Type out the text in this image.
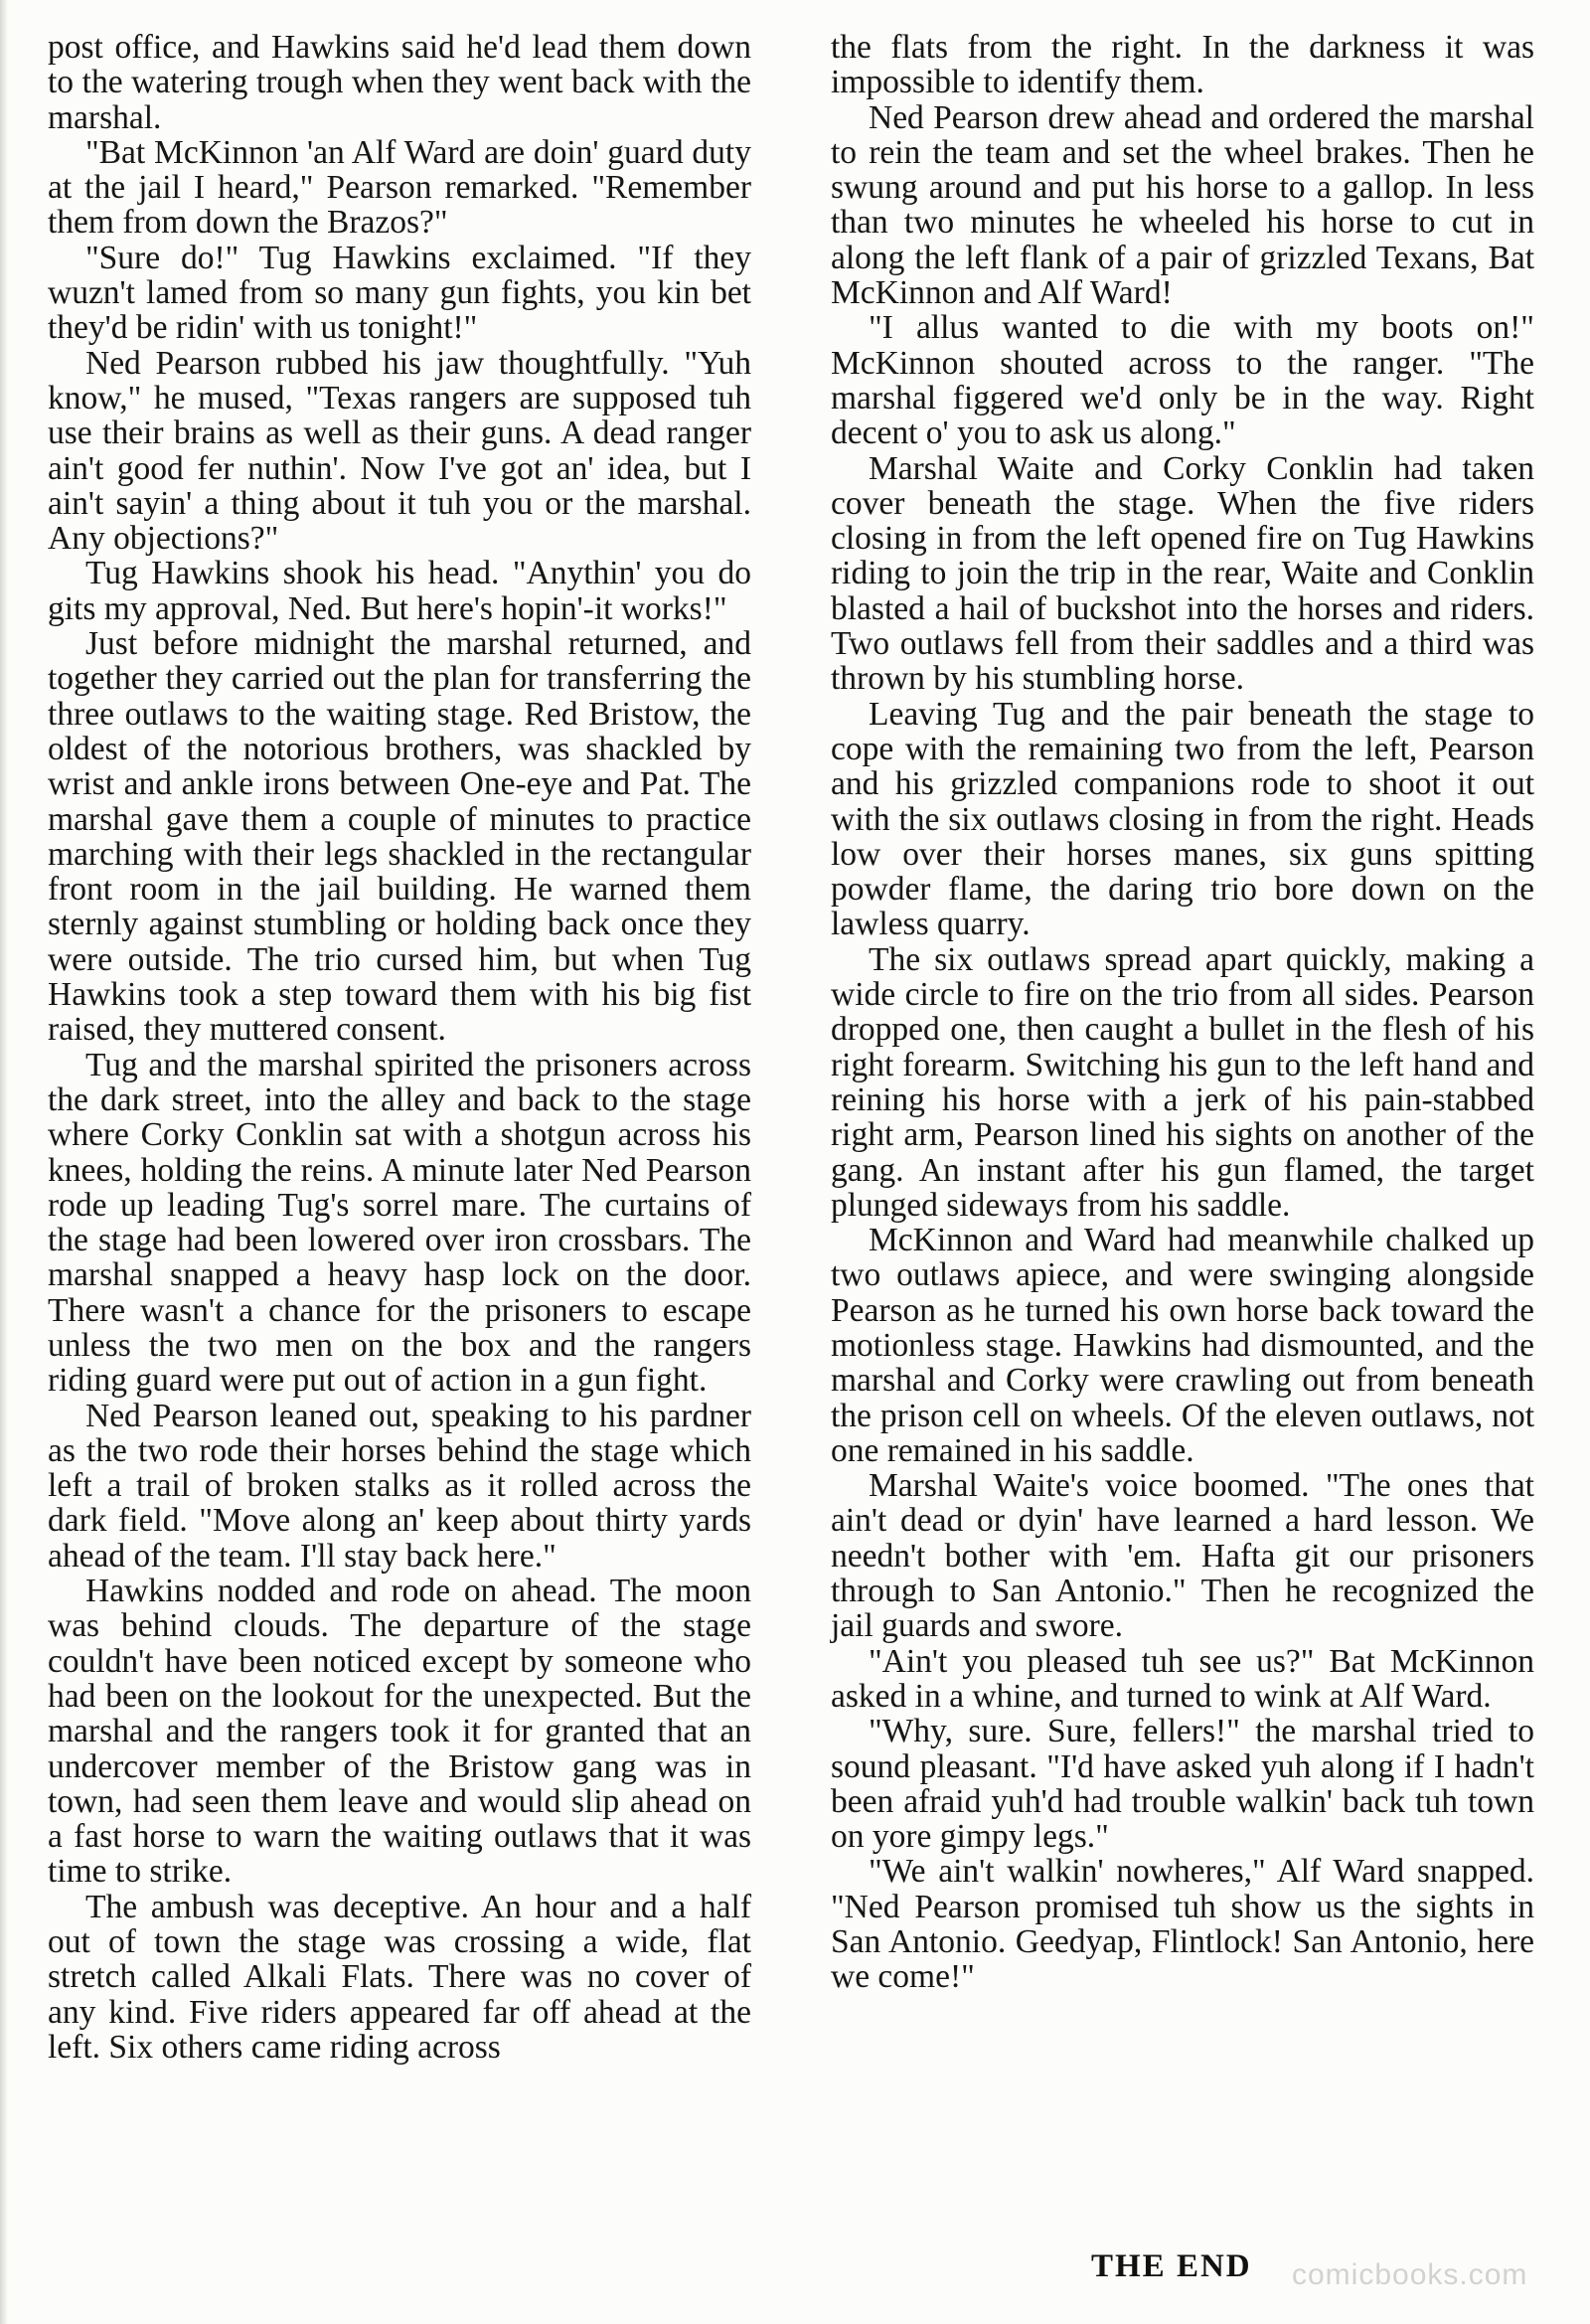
post office, and Hawkins said he'd lead them down to the watering trough when they went back with the marshal.

"Bat McKinnon 'an Alf Ward are doin' guard duty at the jail I heard," Pearson remarked. "Remember them from down the Brazos?"

"Sure do!" Tug Hawkins exclaimed. "If they wuzn't lamed from so many gun fights, you kin bet they'd be ridin' with us tonight!"

Ned Pearson rubbed his jaw thoughtfully. "Yuh know," he mused, "Texas rangers are supposed tuh use their brains as well as their guns. A dead ranger ain't good fer nuthin'. Now I've got an' idea, but I ain't sayin' a thing about it tuh you or the marshal. Any objections?"

Tug Hawkins shook his head. "Anythin' you do gits my approval, Ned. But here's hopin'-it works!"

Just before midnight the marshal returned, and together they carried out the plan for transferring the three outlaws to the waiting stage. Red Bristow, the oldest of the notorious brothers, was shackled by wrist and ankle irons between One-eye and Pat. The marshal gave them a couple of minutes to practice marching with their legs shackled in the rectangular front room in the jail building. He warned them sternly against stumbling or holding back once they were outside. The trio cursed him, but when Tug Hawkins took a step toward them with his big fist raised, they muttered consent.

Tug and the marshal spirited the prisoners across the dark street, into the alley and back to the stage where Corky Conklin sat with a shotgun across his knees, holding the reins. A minute later Ned Pearson rode up leading Tug's sorrel mare. The curtains of the stage had been lowered over iron crossbars. The marshal snapped a heavy hasp lock on the door. There wasn't a chance for the prisoners to escape unless the two men on the box and the rangers riding guard were put out of action in a gun fight.

Ned Pearson leaned out, speaking to his pardner as the two rode their horses behind the stage which left a trail of broken stalks as it rolled across the dark field. "Move along an' keep about thirty yards ahead of the team. I'll stay back here."

Hawkins nodded and rode on ahead. The moon was behind clouds. The departure of the stage couldn't have been noticed except by someone who had been on the lookout for the unexpected. But the marshal and the rangers took it for granted that an undercover member of the Bristow gang was in town, had seen them leave and would slip ahead on a fast horse to warn the waiting outlaws that it was time to strike.

The ambush was deceptive. An hour and a half out of town the stage was crossing a wide, flat stretch called Alkali Flats. There was no cover of any kind. Five riders appeared far off ahead at the left. Six others came riding across

the flats from the right. In the darkness it was impossible to identify them.

Ned Pearson drew ahead and ordered the marshal to rein the team and set the wheel brakes. Then he swung around and put his horse to a gallop. In less than two minutes he wheeled his horse to cut in along the left flank of a pair of grizzled Texans, Bat McKinnon and Alf Ward!

"I allus wanted to die with my boots on!" McKinnon shouted across to the ranger. "The marshal figgered we'd only be in the way. Right decent o' you to ask us along."

Marshal Waite and Corky Conklin had taken cover beneath the stage. When the five riders closing in from the left opened fire on Tug Hawkins riding to join the trip in the rear, Waite and Conklin blasted a hail of buckshot into the horses and riders. Two outlaws fell from their saddles and a third was thrown by his stumbling horse.

Leaving Tug and the pair beneath the stage to cope with the remaining two from the left, Pearson and his grizzled companions rode to shoot it out with the six outlaws closing in from the right. Heads low over their horses manes, six guns spitting powder flame, the daring trio bore down on the lawless quarry.

The six outlaws spread apart quickly, making a wide circle to fire on the trio from all sides. Pearson dropped one, then caught a bullet in the flesh of his right forearm. Switching his gun to the left hand and reining his horse with a jerk of his pain-stabbed right arm, Pearson lined his sights on another of the gang. An instant after his gun flamed, the target plunged sideways from his saddle.

McKinnon and Ward had meanwhile chalked up two outlaws apiece, and were swinging alongside Pearson as he turned his own horse back toward the motionless stage. Hawkins had dismounted, and the marshal and Corky were crawling out from beneath the prison cell on wheels. Of the eleven outlaws, not one remained in his saddle.

Marshal Waite's voice boomed. "The ones that ain't dead or dyin' have learned a hard lesson. We needn't bother with 'em. Hafta git our prisoners through to San Antonio." Then he recognized the jail guards and swore.

"Ain't you pleased tuh see us?" Bat McKinnon asked in a whine, and turned to wink at Alf Ward.

"Why, sure. Sure, fellers!" the marshal tried to sound pleasant. "I'd have asked yuh along if I hadn't been afraid yuh'd had trouble walkin' back tuh town on yore gimpy legs."

"We ain't walkin' nowheres," Alf Ward snapped. "Ned Pearson promised tuh show us the sights in San Antonio. Geedyap, Flintlock! San Antonio, here we come!"

THE END comicbooks.com
